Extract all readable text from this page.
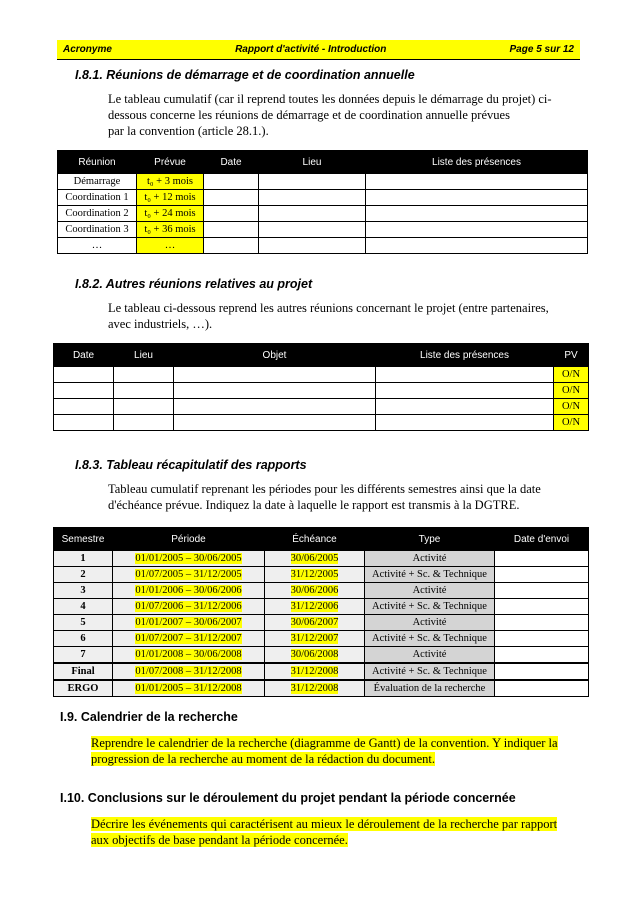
Acronyme	Rapport d'activité - Introduction	Page 5 sur 12
I.8.1. Réunions de démarrage et de coordination annuelle
Le tableau cumulatif (car il reprend toutes les données depuis le démarrage du projet) ci-
dessous concerne les réunions de démarrage et de coordination annuelle prévues
par la convention (article 28.1.).
Réunion	Prévue	Date	Lieu	Liste des présences
Démarrage	t₀ + 3 mois			
Coordination 1	t₀ + 12 mois			
Coordination 2	t₀ + 24 mois			
Coordination 3	t₀ + 36 mois			
…	…			
I.8.2. Autres réunions relatives au projet
Le tableau ci-dessous reprend les autres réunions concernant le projet (entre partenaires,
avec industriels, …).
Date	Lieu	Objet	Liste des présences	PV
				O/N
				O/N
				O/N
				O/N
I.8.3. Tableau récapitulatif des rapports
Tableau cumulatif reprenant les périodes pour les différents semestres ainsi que la date
d'échéance prévue. Indiquez la date à laquelle le rapport est transmis à la DGTRE.
Semestre	Période	Échéance	Type	Date d'envoi
1	01/01/2005 – 30/06/2005	30/06/2005	Activité	
2	01/07/2005 – 31/12/2005	31/12/2005	Activité + Sc. & Technique	
3	01/01/2006 – 30/06/2006	30/06/2006	Activité	
4	01/07/2006 – 31/12/2006	31/12/2006	Activité + Sc. & Technique	
5	01/01/2007 – 30/06/2007	30/06/2007	Activité	
6	01/07/2007 – 31/12/2007	31/12/2007	Activité + Sc. & Technique	
7	01/01/2008 – 30/06/2008	30/06/2008	Activité	
Final	01/07/2008 – 31/12/2008	31/12/2008	Activité + Sc. & Technique	
ERGO	01/01/2005 – 31/12/2008	31/12/2008	Évaluation de la recherche	
I.9. Calendrier de la recherche
Reprendre le calendrier de la recherche (diagramme de Gantt) de la convention. Y indiquer la
progression de la recherche au moment de la rédaction du document.
I.10. Conclusions sur le déroulement du projet pendant la période concernée
Décrire les événements qui caractérisent au mieux le déroulement de la recherche par rapport
aux objectifs de base pendant la période concernée.
